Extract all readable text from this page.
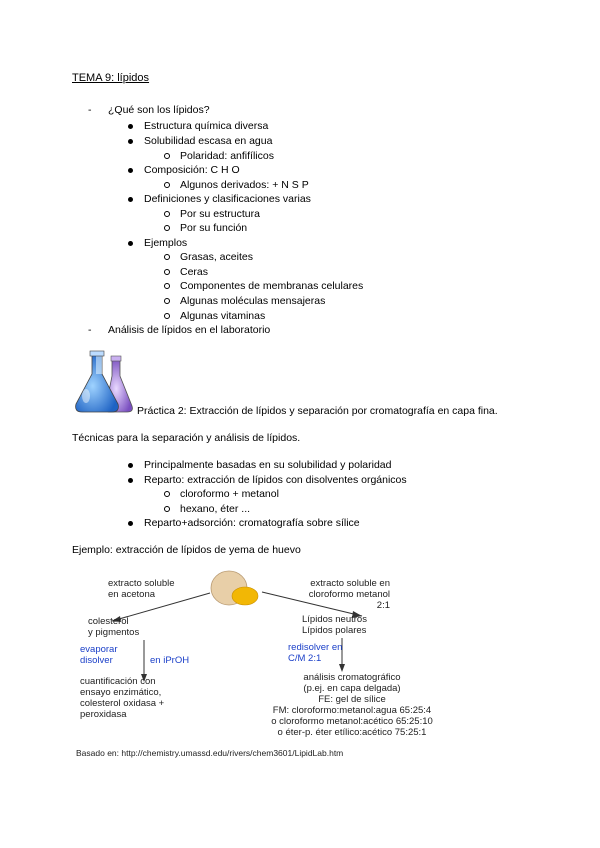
TEMA 9: lípidos
- ¿Qué son los lípidos?
Estructura química diversa
Solubilidad escasa en agua
Polaridad: anfifílicos
Composición: C H O
Algunos derivados: + N S P
Definiciones y clasificaciones varias
Por su estructura
Por su función
Ejemplos
Grasas, aceites
Ceras
Componentes de membranas celulares
Algunas moléculas mensajeras
Algunas vitaminas
- Análisis de lípidos en el laboratorio
Práctica 2: Extracción de lípidos y separación por cromatografía en capa fina.
Técnicas para la separación y análisis de lípidos.
Principalmente basadas en su solubilidad y polaridad
Reparto: extracción de lípidos con disolventes orgánicos
cloroformo + metanol
hexano, éter ...
Reparto+adsorción: cromatografía sobre sílice
Ejemplo: extracción de lípidos de yema de huevo
extracto soluble
en acetona
extracto soluble en
cloroformo metanol
2:1
colesterol
y pigmentos
Lípidos neutros
Lípidos polares
evaporar
disolver	en iPrOH
redisolver en
C/M 2:1
cuantificación con
ensayo enzimático,
colesterol oxidasa +
peroxidasa
análisis cromatográfico
(p.ej. en capa delgada)
FE: gel de sílice
FM: cloroformo:metanol:agua 65:25:4
o cloroformo metanol:acético 65:25:10
o éter-p. éter etílico:acético 75:25:1
Basado en: http://chemistry.umassd.edu/rivers/chem3601/LipidLab.htm
